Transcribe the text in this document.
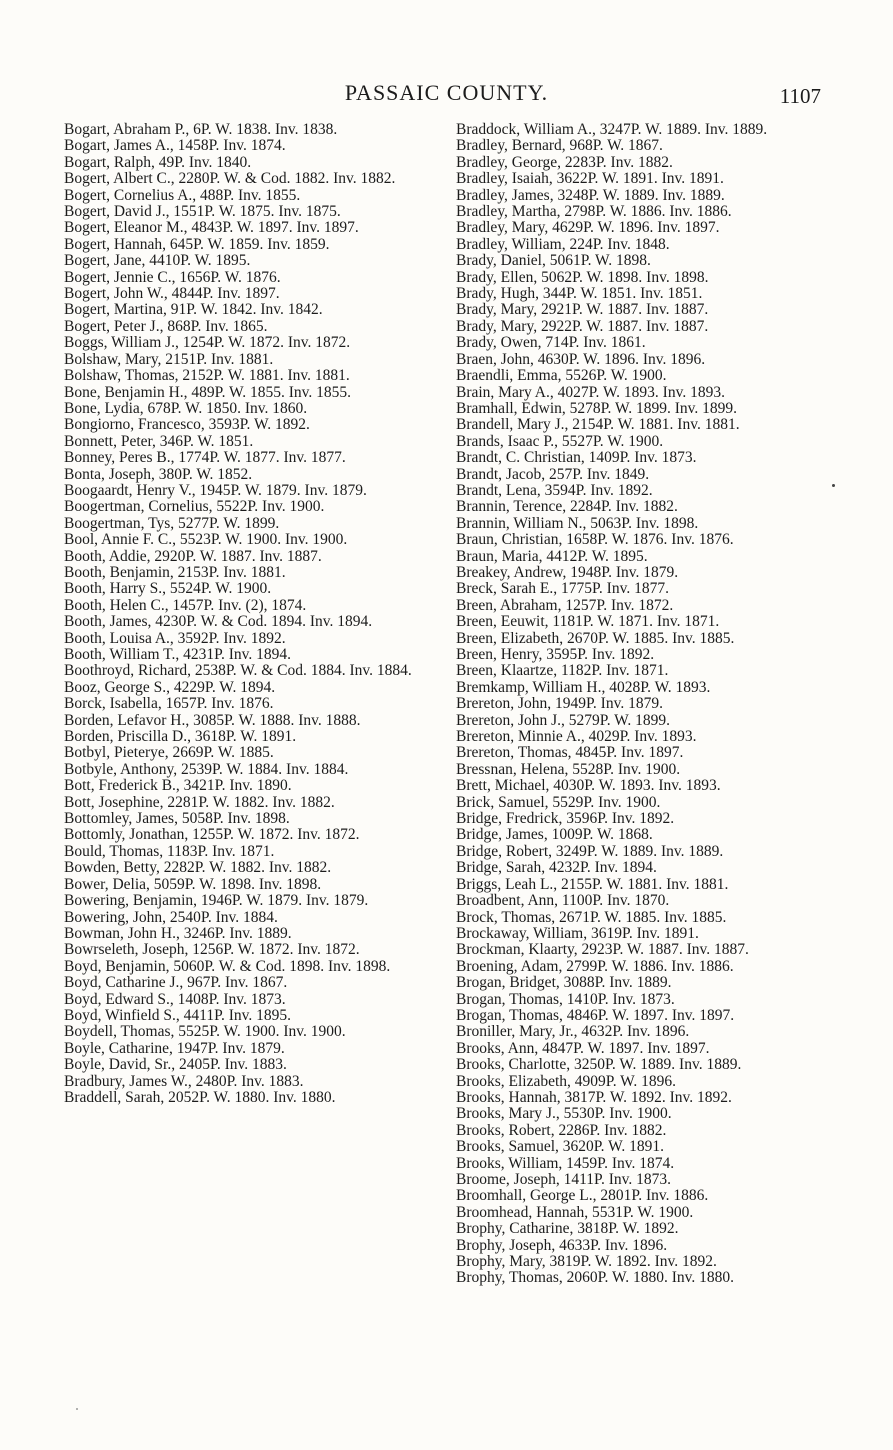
PASSAIC COUNTY.	1107
Bogart, Abraham P., 6P. W. 1838. Inv. 1838.
Bogart, James A., 1458P. Inv. 1874.
Bogart, Ralph, 49P. Inv. 1840.
Bogert, Albert C., 2280P. W. & Cod. 1882. Inv. 1882.
Bogert, Cornelius A., 488P. Inv. 1855.
Bogert, David J., 1551P. W. 1875. Inv. 1875.
Bogert, Eleanor M., 4843P. W. 1897. Inv. 1897.
Bogert, Hannah, 645P. W. 1859. Inv. 1859.
Bogert, Jane, 4410P. W. 1895.
Bogert, Jennie C., 1656P. W. 1876.
Bogert, John W., 4844P. Inv. 1897.
Bogert, Martina, 91P. W. 1842. Inv. 1842.
Bogert, Peter J., 868P. Inv. 1865.
Boggs, William J., 1254P. W. 1872. Inv. 1872.
Bolshaw, Mary, 2151P. Inv. 1881.
Bolshaw, Thomas, 2152P. W. 1881. Inv. 1881.
Bone, Benjamin H., 489P. W. 1855. Inv. 1855.
Bone, Lydia, 678P. W. 1850. Inv. 1860.
Bongiorno, Francesco, 3593P. W. 1892.
Bonnett, Peter, 346P. W. 1851.
Bonney, Peres B., 1774P. W. 1877. Inv. 1877.
Bonta, Joseph, 380P. W. 1852.
Boogaardt, Henry V., 1945P. W. 1879. Inv. 1879.
Boogertman, Cornelius, 5522P. Inv. 1900.
Boogertman, Tys, 5277P. W. 1899.
Bool, Annie F. C., 5523P. W. 1900. Inv. 1900.
Booth, Addie, 2920P. W. 1887. Inv. 1887.
Booth, Benjamin, 2153P. Inv. 1881.
Booth, Harry S., 5524P. W. 1900.
Booth, Helen C., 1457P. Inv. (2), 1874.
Booth, James, 4230P. W. & Cod. 1894. Inv. 1894.
Booth, Louisa A., 3592P. Inv. 1892.
Booth, William T., 4231P. Inv. 1894.
Boothroyd, Richard, 2538P. W. & Cod. 1884. Inv. 1884.
Booz, George S., 4229P. W. 1894.
Borck, Isabella, 1657P. Inv. 1876.
Borden, Lefavor H., 3085P. W. 1888. Inv. 1888.
Borden, Priscilla D., 3618P. W. 1891.
Botbyl, Pieterye, 2669P. W. 1885.
Botbyle, Anthony, 2539P. W. 1884. Inv. 1884.
Bott, Frederick B., 3421P. Inv. 1890.
Bott, Josephine, 2281P. W. 1882. Inv. 1882.
Bottomley, James, 5058P. Inv. 1898.
Bottomly, Jonathan, 1255P. W. 1872. Inv. 1872.
Bould, Thomas, 1183P. Inv. 1871.
Bowden, Betty, 2282P. W. 1882. Inv. 1882.
Bower, Delia, 5059P. W. 1898. Inv. 1898.
Bowering, Benjamin, 1946P. W. 1879. Inv. 1879.
Bowering, John, 2540P. Inv. 1884.
Bowman, John H., 3246P. Inv. 1889.
Bowrseleth, Joseph, 1256P. W. 1872. Inv. 1872.
Boyd, Benjamin, 5060P. W. & Cod. 1898. Inv. 1898.
Boyd, Catharine J., 967P. Inv. 1867.
Boyd, Edward S., 1408P. Inv. 1873.
Boyd, Winfield S., 4411P. Inv. 1895.
Boydell, Thomas, 5525P. W. 1900. Inv. 1900.
Boyle, Catharine, 1947P. Inv. 1879.
Boyle, David, Sr., 2405P. Inv. 1883.
Bradbury, James W., 2480P. Inv. 1883.
Braddell, Sarah, 2052P. W. 1880. Inv. 1880.
Braddock, William A., 3247P. W. 1889. Inv. 1889.
Bradley, Bernard, 968P. W. 1867.
Bradley, George, 2283P. Inv. 1882.
Bradley, Isaiah, 3622P. W. 1891. Inv. 1891.
Bradley, James, 3248P. W. 1889. Inv. 1889.
Bradley, Martha, 2798P. W. 1886. Inv. 1886.
Bradley, Mary, 4629P. W. 1896. Inv. 1897.
Bradley, William, 224P. Inv. 1848.
Brady, Daniel, 5061P. W. 1898.
Brady, Ellen, 5062P. W. 1898. Inv. 1898.
Brady, Hugh, 344P. W. 1851. Inv. 1851.
Brady, Mary, 2921P. W. 1887. Inv. 1887.
Brady, Mary, 2922P. W. 1887. Inv. 1887.
Brady, Owen, 714P. Inv. 1861.
Braen, John, 4630P. W. 1896. Inv. 1896.
Braendli, Emma, 5526P. W. 1900.
Brain, Mary A., 4027P. W. 1893. Inv. 1893.
Bramhall, Edwin, 5278P. W. 1899. Inv. 1899.
Brandell, Mary J., 2154P. W. 1881. Inv. 1881.
Brands, Isaac P., 5527P. W. 1900.
Brandt, C. Christian, 1409P. Inv. 1873.
Brandt, Jacob, 257P. Inv. 1849.
Brandt, Lena, 3594P. Inv. 1892.
Brannin, Terence, 2284P. Inv. 1882.
Brannin, William N., 5063P. Inv. 1898.
Braun, Christian, 1658P. W. 1876. Inv. 1876.
Braun, Maria, 4412P. W. 1895.
Breakey, Andrew, 1948P. Inv. 1879.
Breck, Sarah E., 1775P. Inv. 1877.
Breen, Abraham, 1257P. Inv. 1872.
Breen, Eeuwit, 1181P. W. 1871. Inv. 1871.
Breen, Elizabeth, 2670P. W. 1885. Inv. 1885.
Breen, Henry, 3595P. Inv. 1892.
Breen, Klaartze, 1182P. Inv. 1871.
Bremkamp, William H., 4028P. W. 1893.
Brereton, John, 1949P. Inv. 1879.
Brereton, John J., 5279P. W. 1899.
Brereton, Minnie A., 4029P. Inv. 1893.
Brereton, Thomas, 4845P. Inv. 1897.
Bressnan, Helena, 5528P. Inv. 1900.
Brett, Michael, 4030P. W. 1893. Inv. 1893.
Brick, Samuel, 5529P. Inv. 1900.
Bridge, Fredrick, 3596P. Inv. 1892.
Bridge, James, 1009P. W. 1868.
Bridge, Robert, 3249P. W. 1889. Inv. 1889.
Bridge, Sarah, 4232P. Inv. 1894.
Briggs, Leah L., 2155P. W. 1881. Inv. 1881.
Broadbent, Ann, 1100P. Inv. 1870.
Brock, Thomas, 2671P. W. 1885. Inv. 1885.
Brockaway, William, 3619P. Inv. 1891.
Brockman, Klaarty, 2923P. W. 1887. Inv. 1887.
Broening, Adam, 2799P. W. 1886. Inv. 1886.
Brogan, Bridget, 3088P. Inv. 1889.
Brogan, Thomas, 1410P. Inv. 1873.
Brogan, Thomas, 4846P. W. 1897. Inv. 1897.
Broniller, Mary, Jr., 4632P. Inv. 1896.
Brooks, Ann, 4847P. W. 1897. Inv. 1897.
Brooks, Charlotte, 3250P. W. 1889. Inv. 1889.
Brooks, Elizabeth, 4909P. W. 1896.
Brooks, Hannah, 3817P. W. 1892. Inv. 1892.
Brooks, Mary J., 5530P. Inv. 1900.
Brooks, Robert, 2286P. Inv. 1882.
Brooks, Samuel, 3620P. W. 1891.
Brooks, William, 1459P. Inv. 1874.
Broome, Joseph, 1411P. Inv. 1873.
Broomhall, George L., 2801P. Inv. 1886.
Broomhead, Hannah, 5531P. W. 1900.
Brophy, Catharine, 3818P. W. 1892.
Brophy, Joseph, 4633P. Inv. 1896.
Brophy, Mary, 3819P. W. 1892. Inv. 1892.
Brophy, Thomas, 2060P. W. 1880. Inv. 1880.
